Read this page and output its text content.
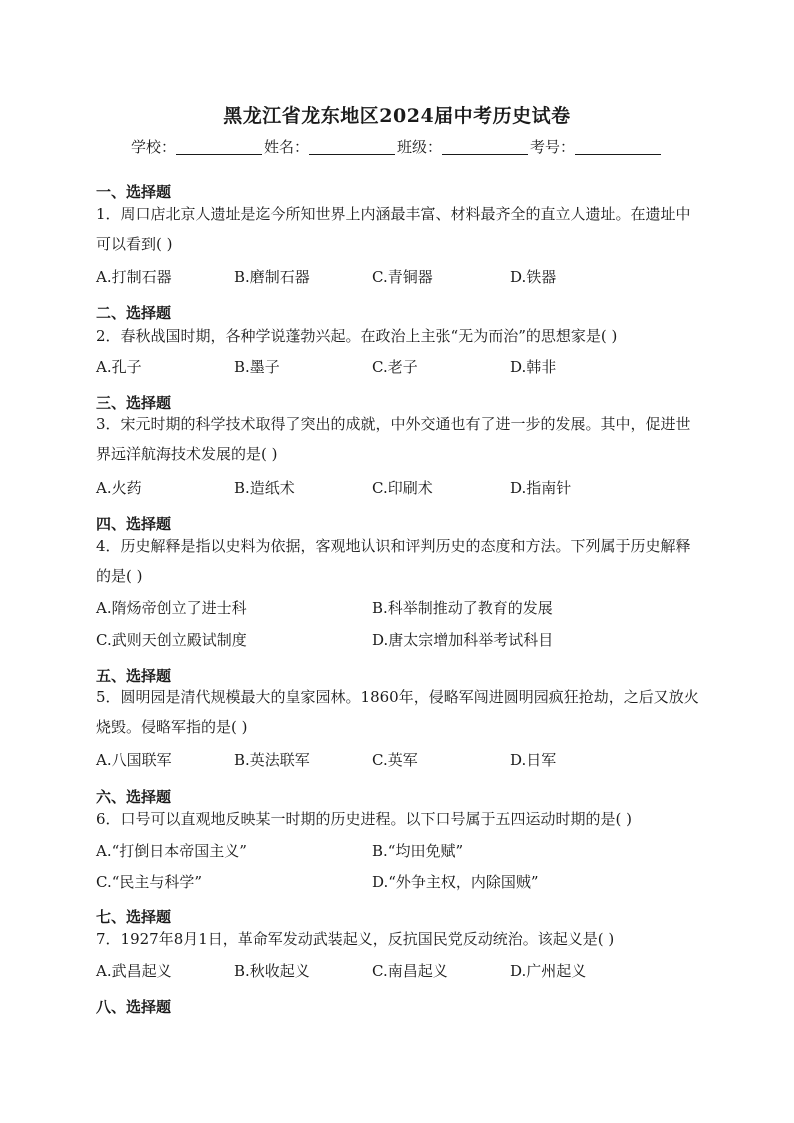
黑龙江省龙东地区2024届中考历史试卷
学校：	姓名：	班级：	考号：
一、选择题
1．周口店北京人遗址是迄今所知世界上内涵最丰富、材料最齐全的直立人遗址。在遗址中可以看到( )
A.打制石器	B.磨制石器	C.青铜器	D.铁器
二、选择题
2．春秋战国时期，各种学说蓬勃兴起。在政治上主张“无为而治”的思想家是( )
A.孔子	B.墨子	C.老子	D.韩非
三、选择题
3．宋元时期的科学技术取得了突出的成就，中外交通也有了进一步的发展。其中，促进世界远洋航海技术发展的是( )
A.火药	B.造纸术	C.印刷术	D.指南针
四、选择题
4．历史解释是指以史料为依据，客观地认识和评判历史的态度和方法。下列属于历史解释的是( )
A.隋炀帝创立了进士科	B.科举制推动了教育的发展
C.武则天创立殿试制度	D.唐太宗增加科举考试科目
五、选择题
5．圆明园是清代规模最大的皇家园林。1860年，侵略军闯进圆明园疯狂抢劫，之后又放火烧毁。侵略军指的是( )
A.八国联军	B.英法联军	C.英军	D.日军
六、选择题
6．口号可以直观地反映某一时期的历史进程。以下口号属于五四运动时期的是( )
A.“打倒日本帝国主义”	B.“均田免赋”
C.“民主与科学”	D.“外争主权，内除国贼”
七、选择题
7．1927年8月1日，革命军发动武装起义，反抗国民党反动统治。该起义是( )
A.武昌起义	B.秋收起义	C.南昌起义	D.广州起义
八、选择题
